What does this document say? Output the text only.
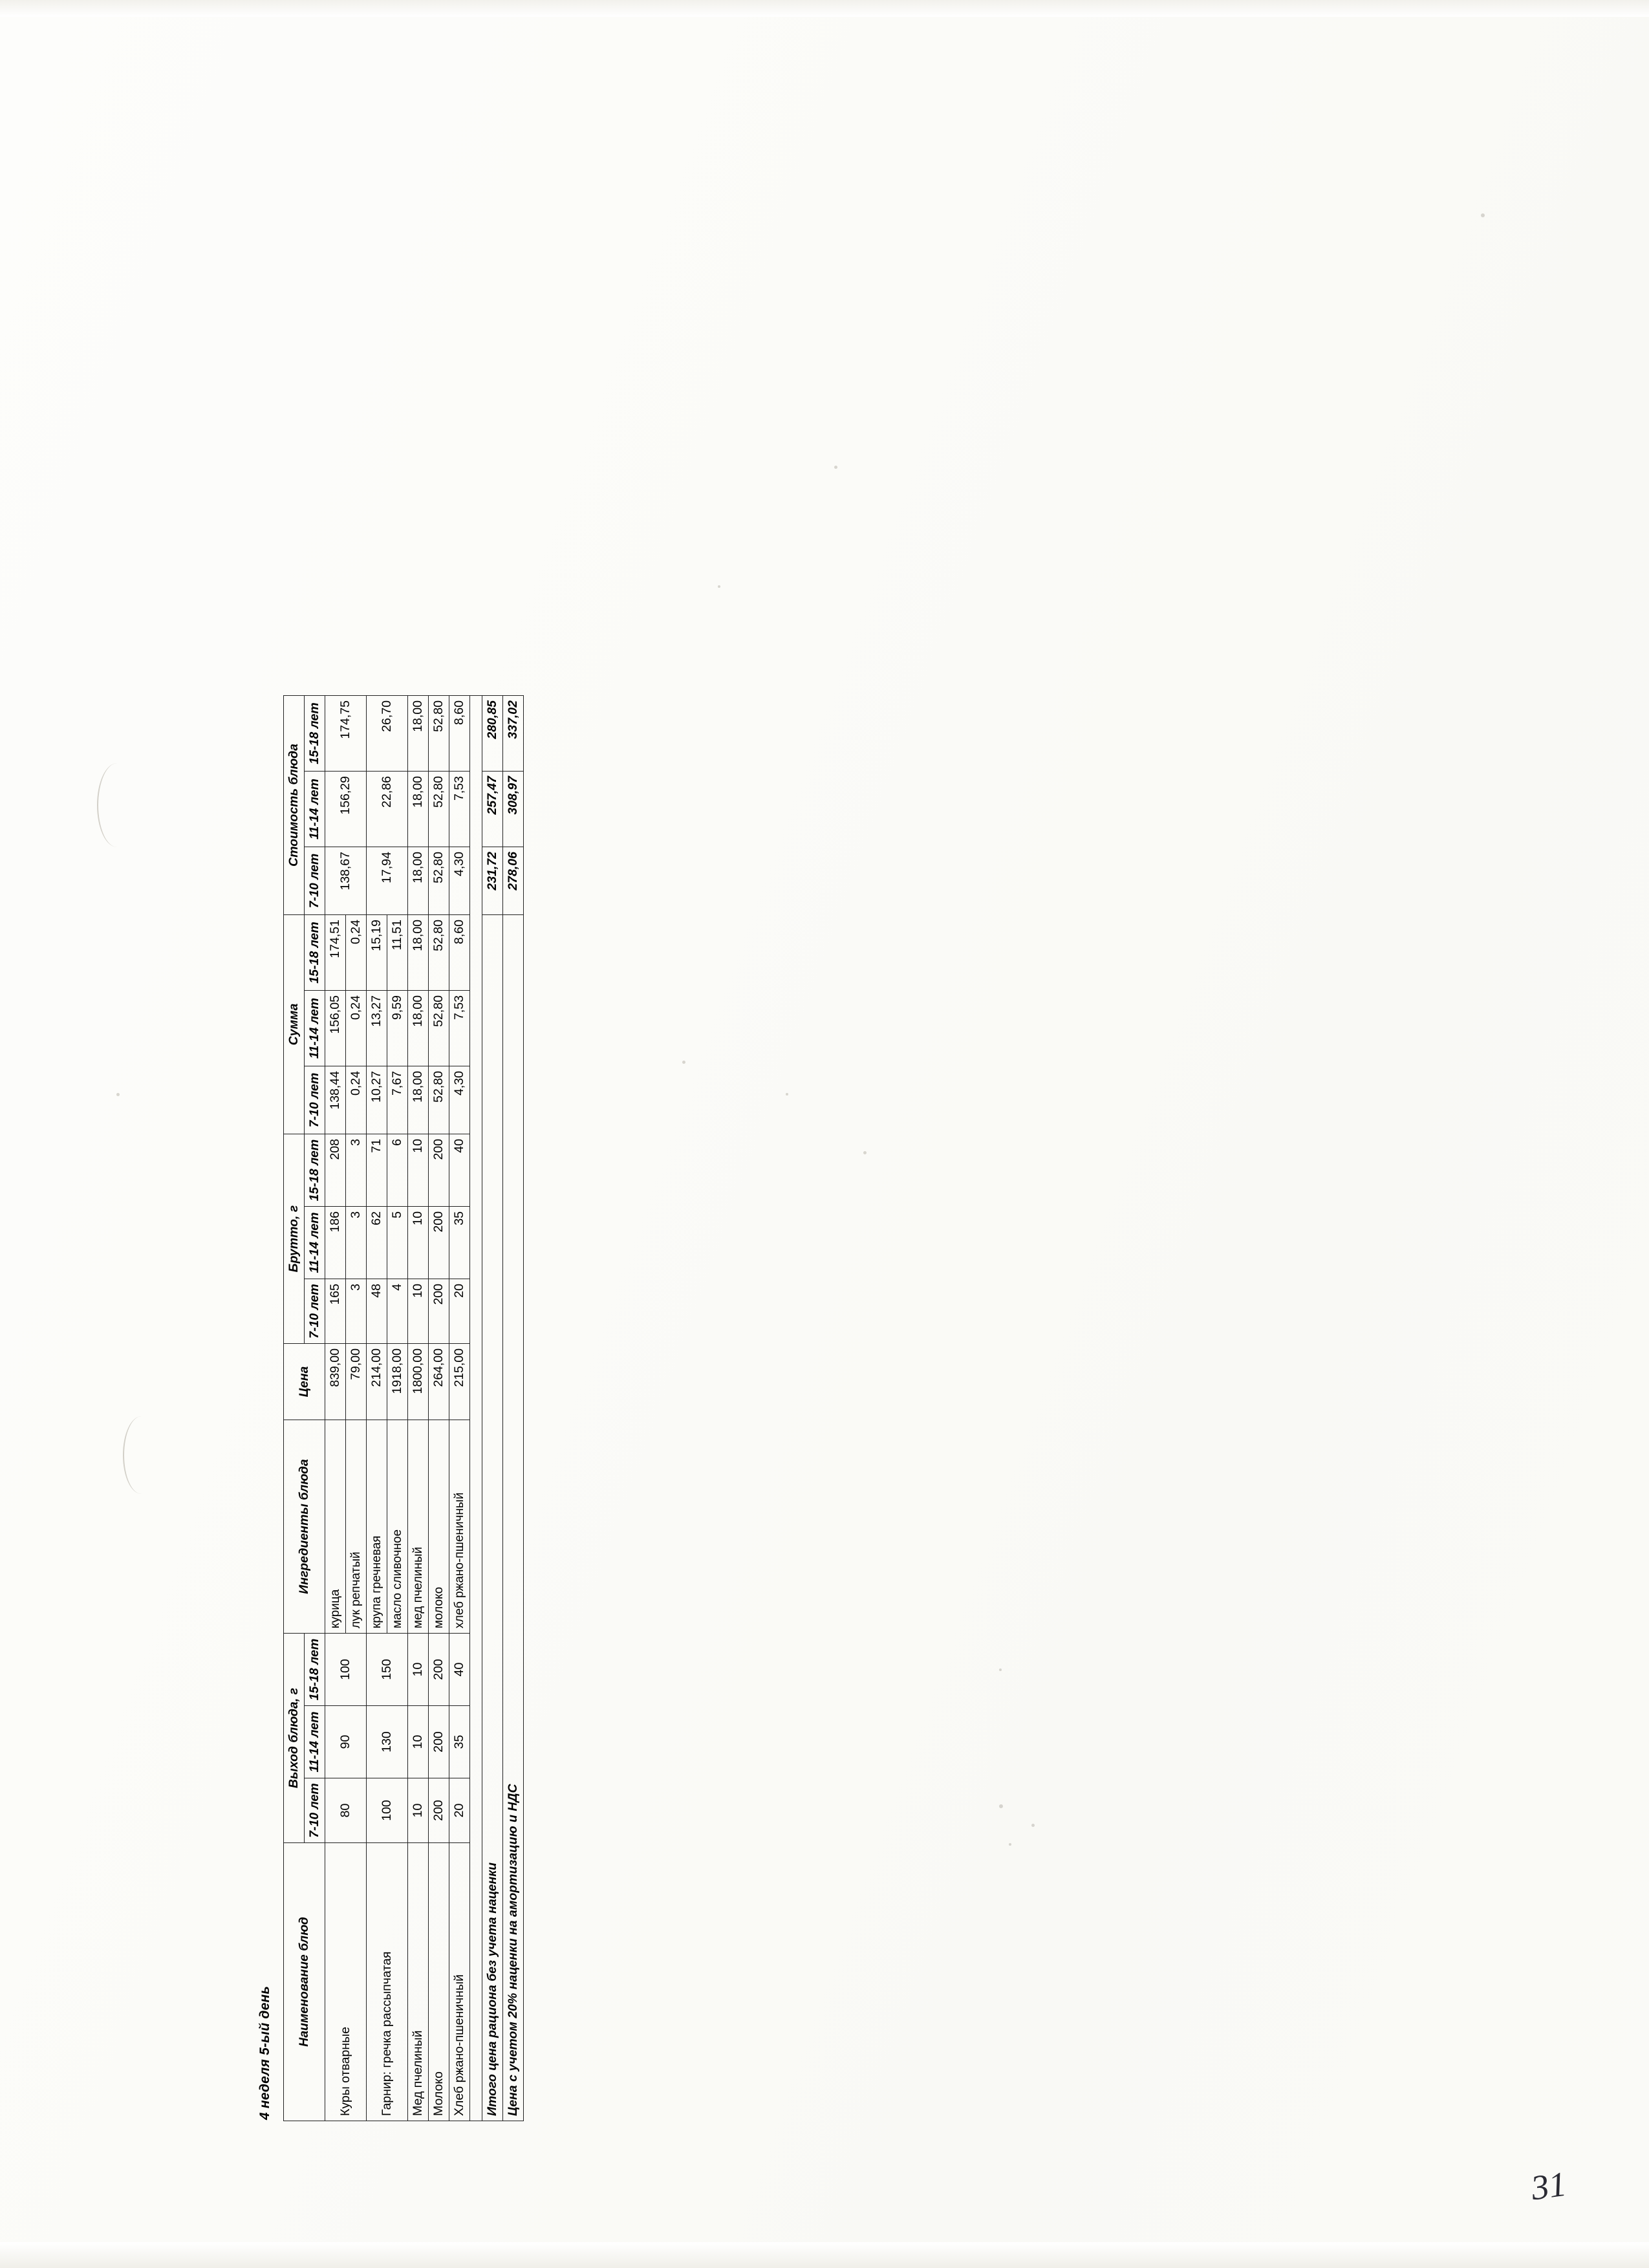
4 неделя 5-ый день
Наименование блюд	Выход блюда, г			Ингредиенты блюда	Цена	Брутто, г			Сумма			Стоимость блюда		
	7-10 лет	11-14 лет	15-18 лет			7-10 лет	11-14 лет	15-18 лет	7-10 лет	11-14 лет	15-18 лет	7-10 лет	11-14 лет	15-18 лет
Куры отварные	80	90	100	курица	839,00	165	186	208	138,44	156,05	174,51	138,67	156,29	174,75
				лук репчатый	79,00	3	3	3	0,24	0,24	0,24			
Гарнир: гречка рассыпчатая	100	130	150	крупа гречневая	214,00	48	62	71	10,27	13,27	15,19	17,94	22,86	26,70
				масло сливочное	1918,00	4	5	6	7,67	9,59	11,51			
Мед пчелиный	10	10	10	мед пчелиный	1800,00	10	10	10	18,00	18,00	18,00	18,00	18,00	18,00
Молоко	200	200	200	молоко	264,00	200	200	200	52,80	52,80	52,80	52,80	52,80	52,80
Хлеб ржано-пшеничный	20	35	40	хлеб ржано-пшеничный	215,00	20	35	40	4,30	7,53	8,60	4,30	7,53	8,60

Итого цена рациона без учета наценки												231,72	257,47	280,85
Цена с учетом 20% наценки на амортизацию и НДС												278,06	308,97	337,02
31
